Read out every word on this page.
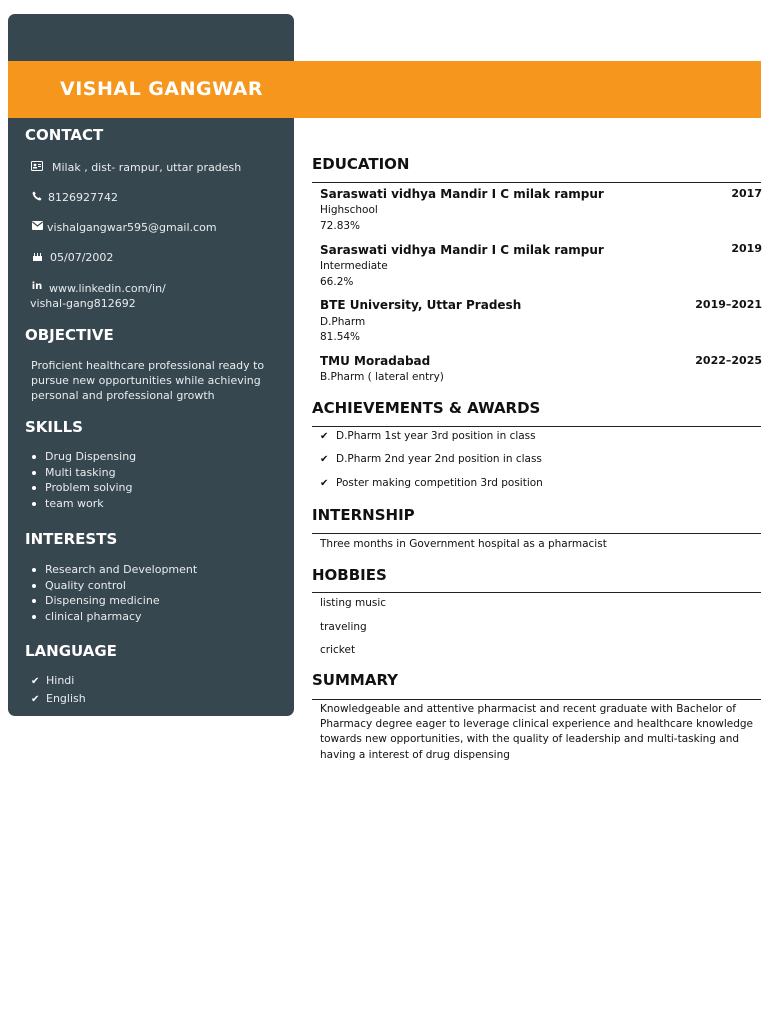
VISHAL GANGWAR
CONTACT
Milak , dist- rampur, uttar pradesh
8126927742
vishalgangwar595@gmail.com
05/07/2002
in www.linkedin.com/in/
vishal-gang812692
OBJECTIVE
Proficient healthcare professional ready to
pursue new opportunities while achieving
personal and professional growth
SKILLS
Drug Dispensing
Multi tasking
Problem solving
team work
INTERESTS
Research and Development
Quality control
Dispensing medicine
clinical pharmacy
LANGUAGE
✔ Hindi
✔ English
EDUCATION
Saraswati vidhya Mandir I C milak rampur	2017
Highschool
72.83%
Saraswati vidhya Mandir I C milak rampur	2019
Intermediate
66.2%
BTE University, Uttar Pradesh	2019–2021
D.Pharm
81.54%
TMU Moradabad	2022–2025
B.Pharm ( lateral entry)
ACHIEVEMENTS & AWARDS
✔ D.Pharm 1st year 3rd position in class
✔ D.Pharm 2nd year 2nd position in class
✔ Poster making competition 3rd position
INTERNSHIP
Three months in Government hospital as a pharmacist
HOBBIES
listing music
traveling
cricket
SUMMARY
Knowledgeable and attentive pharmacist and recent graduate with Bachelor of
Pharmacy degree eager to leverage clinical experience and healthcare knowledge
towards new opportunities, with the quality of leadership and multi-tasking and
having a interest of drug dispensing
